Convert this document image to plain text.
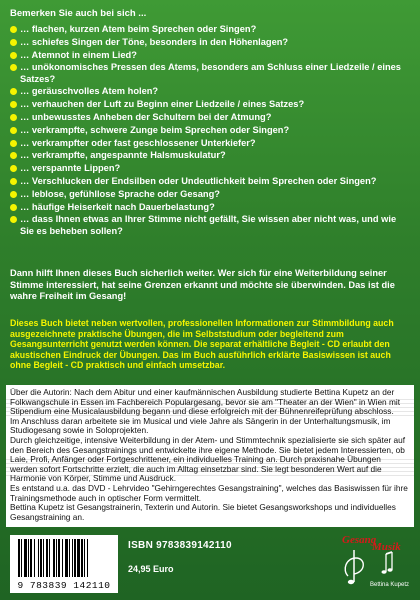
Bemerken Sie auch bei sich ...
… flachen, kurzen Atem beim Sprechen oder Singen?
… schiefes Singen der Töne, besonders in den Höhenlagen?
… Atemnot in einem Lied?
… unökonomisches Pressen des Atems, besonders am Schluss einer Liedzeile / eines Satzes?
… geräuschvolles Atem holen?
… verhauchen der Luft zu Beginn einer Liedzeile / eines Satzes?
… unbewusstes Anheben der Schultern bei der Atmung?
… verkrampfte, schwere Zunge beim Sprechen oder Singen?
… verkrampfter oder fast geschlossener Unterkiefer?
… verkrampfte, angespannte Halsmuskulatur?
… verspannte Lippen?
… Verschlucken der Endsilben oder Undeutlichkeit beim Sprechen oder Singen?
… leblose, gefühllose Sprache oder Gesang?
… häufige Heiserkeit nach Dauerbelastung?
… dass Ihnen etwas an Ihrer Stimme nicht gefällt, Sie wissen aber nicht was, und wie Sie es beheben sollen?
Dann hilft Ihnen dieses Buch sicherlich weiter. Wer sich für eine Weiterbildung seiner Stimme interessiert, hat seine Grenzen erkannt und möchte sie überwinden. Das ist die wahre Freiheit im Gesang!
Dieses Buch bietet neben wertvollen, professionellen Informationen zur Stimmbildung auch ausgezeichnete praktische Übungen, die im Selbststudium oder begleitend zum Gesangsunterricht genutzt werden können. Die separat erhältliche Begleit - CD erlaubt den akustischen Eindruck der Übungen. Das im Buch ausführlich erklärte Basiswissen ist auch ohne Begleit - CD praktisch und einfach umsetzbar.

Über die Autorin: Nach dem Abitur und einer kaufmännischen Ausbildung studierte Bettina Kupetz an der Folkwangschule in Essen im Fachbereich Populargesang, bevor sie am "Theater an der Wien" in Wien mit Stipendium eine Musicalausbildung begann und diese erfolgreich mit der Bühnenreifeprüfung abschloss.

Im Anschluss daran arbeitete sie im Musical und viele Jahre als Sängerin in der Unterhaltungsmusik, im Studiogesang sowie in Soloprojekten.

Durch gleichzeitige, intensive Weiterbildung in der Atem- und Stimmtechnik spezialisierte sie sich später auf den Bereich des Gesangstrainings und entwickelte ihre eigene Methode. Sie bietet jedem Interessierten, ob Laie, Profi, Anfänger oder Fortgeschrittener, ein individuelles Training an. Durch praxisnahe Übungen werden sofort Fortschritte erzielt, die auch im Alltag einsetzbar sind. Sie legt besonderen Wert auf die Harmonie von Körper, Stimme und Ausdruck.

Es entstand u.a. das DVD - Lehrvideo "Gehirngerechtes Gesangstraining", welches das Basiswissen für ihre Trainingsmethode auch in optischer Form vermittelt.

Bettina Kupetz ist Gesangstrainerin, Texterin und Autorin. Sie bietet Gesangsworkshops und individuelles Gesangstraining an.

9 783839 142110
ISBN 9783839142110
24,95 Euro
Gesang
Musik
Bettina Kupetz
